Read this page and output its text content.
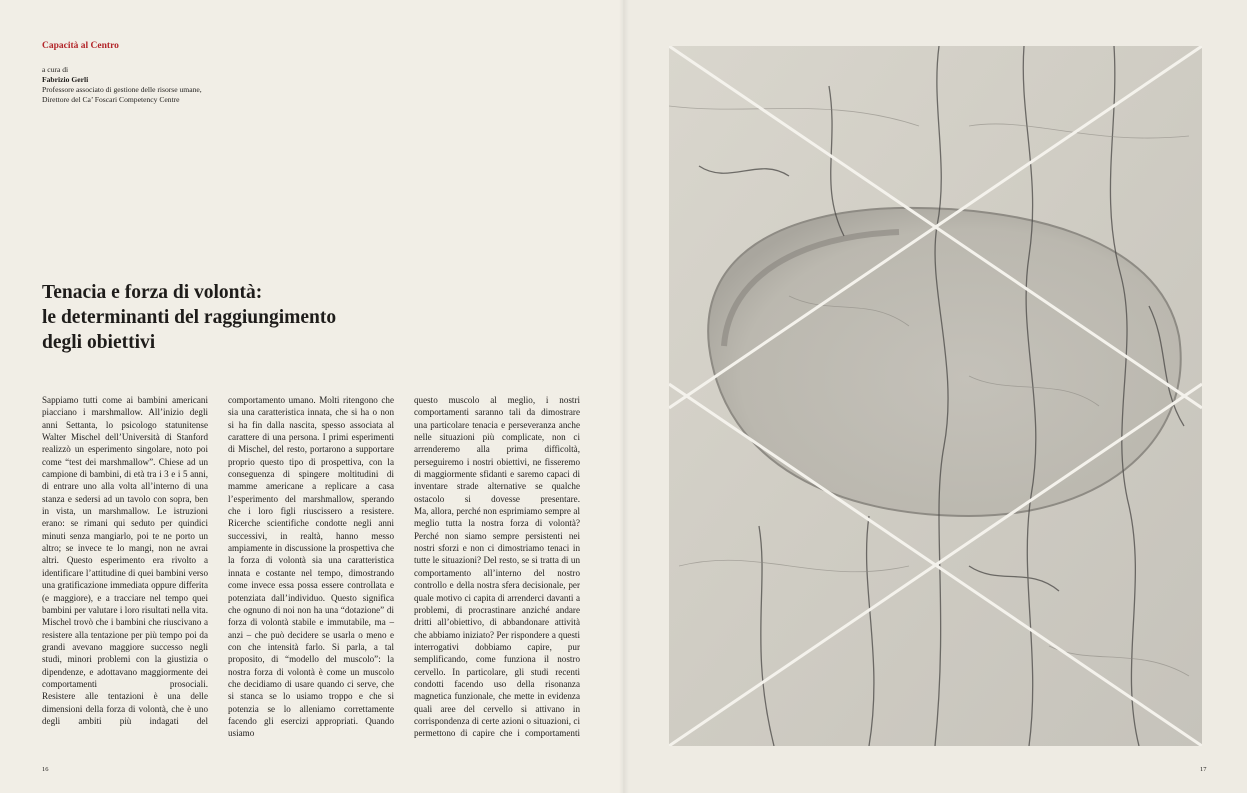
Capacità al Centro
a cura di
Fabrizio Gerli
Professore associato di gestione delle risorse umane,
Direttore del Ca’ Foscari Competency Centre
Tenacia e forza di volontà:
le determinanti del raggiungimento
degli obiettivi

Sappiamo tutti come ai bambini americani piacciano i marshmallow. All’inizio degli anni Settanta, lo psicologo statunitense Walter Mischel dell’Università di Stanford realizzò un esperimento singolare, noto poi come “test dei marshmallow”. Chiese ad un campione di bambini, di età tra i 3 e i 5 anni, di entrare uno alla volta all’interno di una stanza e sedersi ad un tavolo con sopra, ben in vista, un marshmallow. Le istruzioni erano: se rimani qui seduto per quindici minuti senza mangiarlo, poi te ne porto un altro; se invece te lo mangi, non ne avrai altri. Questo esperimento era rivolto a identificare l’attitudine di quei bambini verso una gratificazione immediata oppure differita (e maggiore), e a tracciare nel tempo quei bambini per valutare i loro risultati nella vita. Mischel trovò che i bambini che riuscivano a resistere alla tentazione per più tempo poi da grandi avevano maggiore successo negli studi, minori problemi con la giustizia o dipendenze, e adottavano maggiormente dei comportamenti prosociali.

Resistere alle tentazioni è una delle dimensioni della forza di volontà, che è uno degli ambiti più indagati del

comportamento umano. Molti ritengono che sia una caratteristica innata, che si ha o non si ha fin dalla nascita, spesso associata al carattere di una persona. I primi esperimenti di Mischel, del resto, portarono a supportare proprio questo tipo di prospettiva, con la conseguenza di spingere moltitudini di mamme americane a replicare a casa l’esperimento del marshmallow, sperando che i loro figli riuscissero a resistere.

Ricerche scientifiche condotte negli anni successivi, in realtà, hanno messo ampiamente in discussione la prospettiva che la forza di volontà sia una caratteristica innata e costante nel tempo, dimostrando come invece essa possa essere controllata e potenziata dall’individuo. Questo significa che ognuno di noi non ha una “dotazione” di forza di volontà stabile e immutabile, ma – anzi – che può decidere se usarla o meno e con che intensità farlo. Si parla, a tal proposito, di “modello del muscolo”: la nostra forza di volontà è come un muscolo che decidiamo di usare quando ci serve, che si stanca se lo usiamo troppo e che si potenzia se lo alleniamo correttamente facendo gli esercizi appropriati. Quando usiamo

questo muscolo al meglio, i nostri comportamenti saranno tali da dimostrare una particolare tenacia e perseveranza anche nelle situazioni più complicate, non ci arrenderemo alla prima difficoltà, perseguiremo i nostri obiettivi, ne fisseremo di maggiormente sfidanti e saremo capaci di inventare strade alternative se qualche ostacolo si dovesse presentare.

Ma, allora, perché non esprimiamo sempre al meglio tutta la nostra forza di volontà? Perché non siamo sempre persistenti nei nostri sforzi e non ci dimostriamo tenaci in tutte le situazioni? Del resto, se si tratta di un comportamento all’interno del nostro controllo e della nostra sfera decisionale, per quale motivo ci capita di arrenderci davanti a problemi, di procrastinare anziché andare dritti all’obiettivo, di abbandonare attività che abbiamo iniziato? Per rispondere a questi interrogativi dobbiamo capire, pur semplificando, come funziona il nostro cervello. In particolare, gli studi recenti condotti facendo uso della risonanza magnetica funzionale, che mette in evidenza quali aree del cervello si attivano in corrispondenza di certe azioni o situazioni, ci permettono di capire che i comportamenti

16	17
